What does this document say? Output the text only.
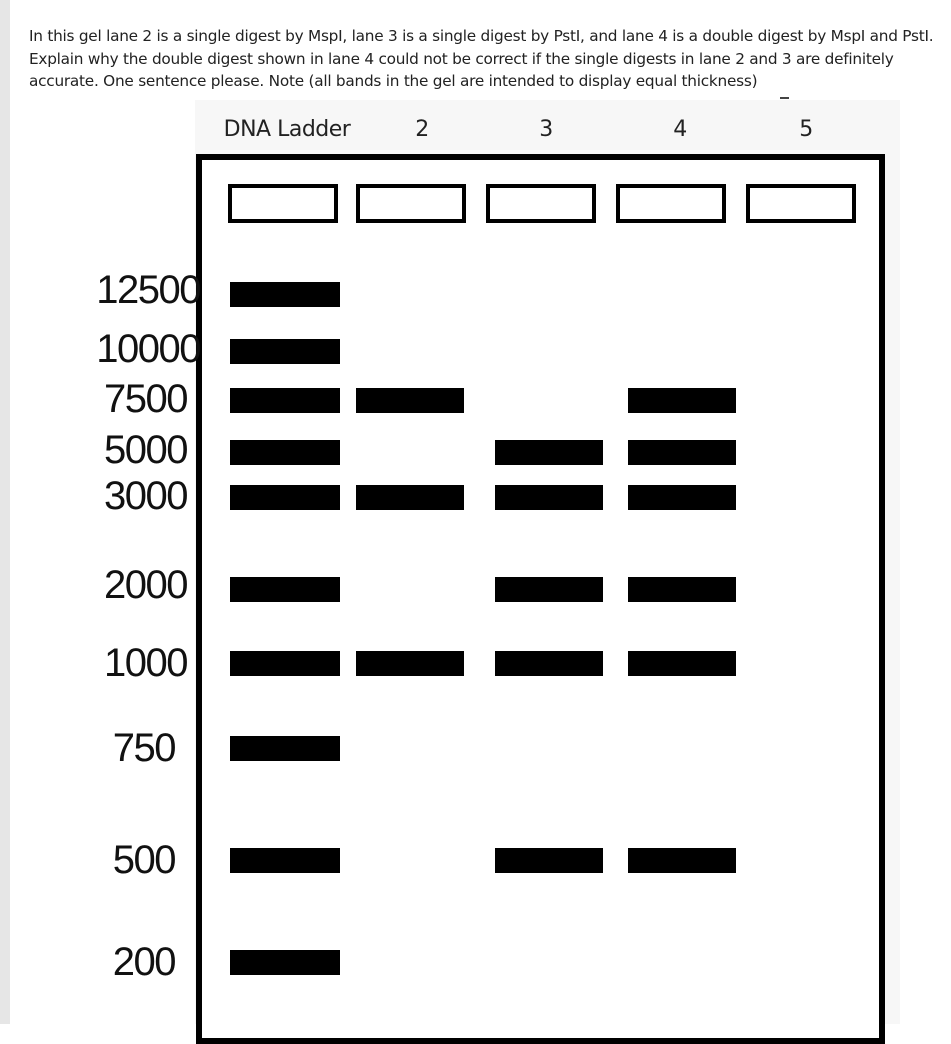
In this gel lane 2 is a single digest by MspI, lane 3 is a single digest by PstI, and lane 4 is a double digest by MspI and PstI.
Explain why the double digest shown in lane 4 could not be correct if the single digests in lane 2 and 3 are definitely
accurate. One sentence please. Note (all bands in the gel are intended to display equal thickness)
DNA Ladder	2	3	4	5
12500
10000
7500
5000
3000
2000
1000
750
500
200
